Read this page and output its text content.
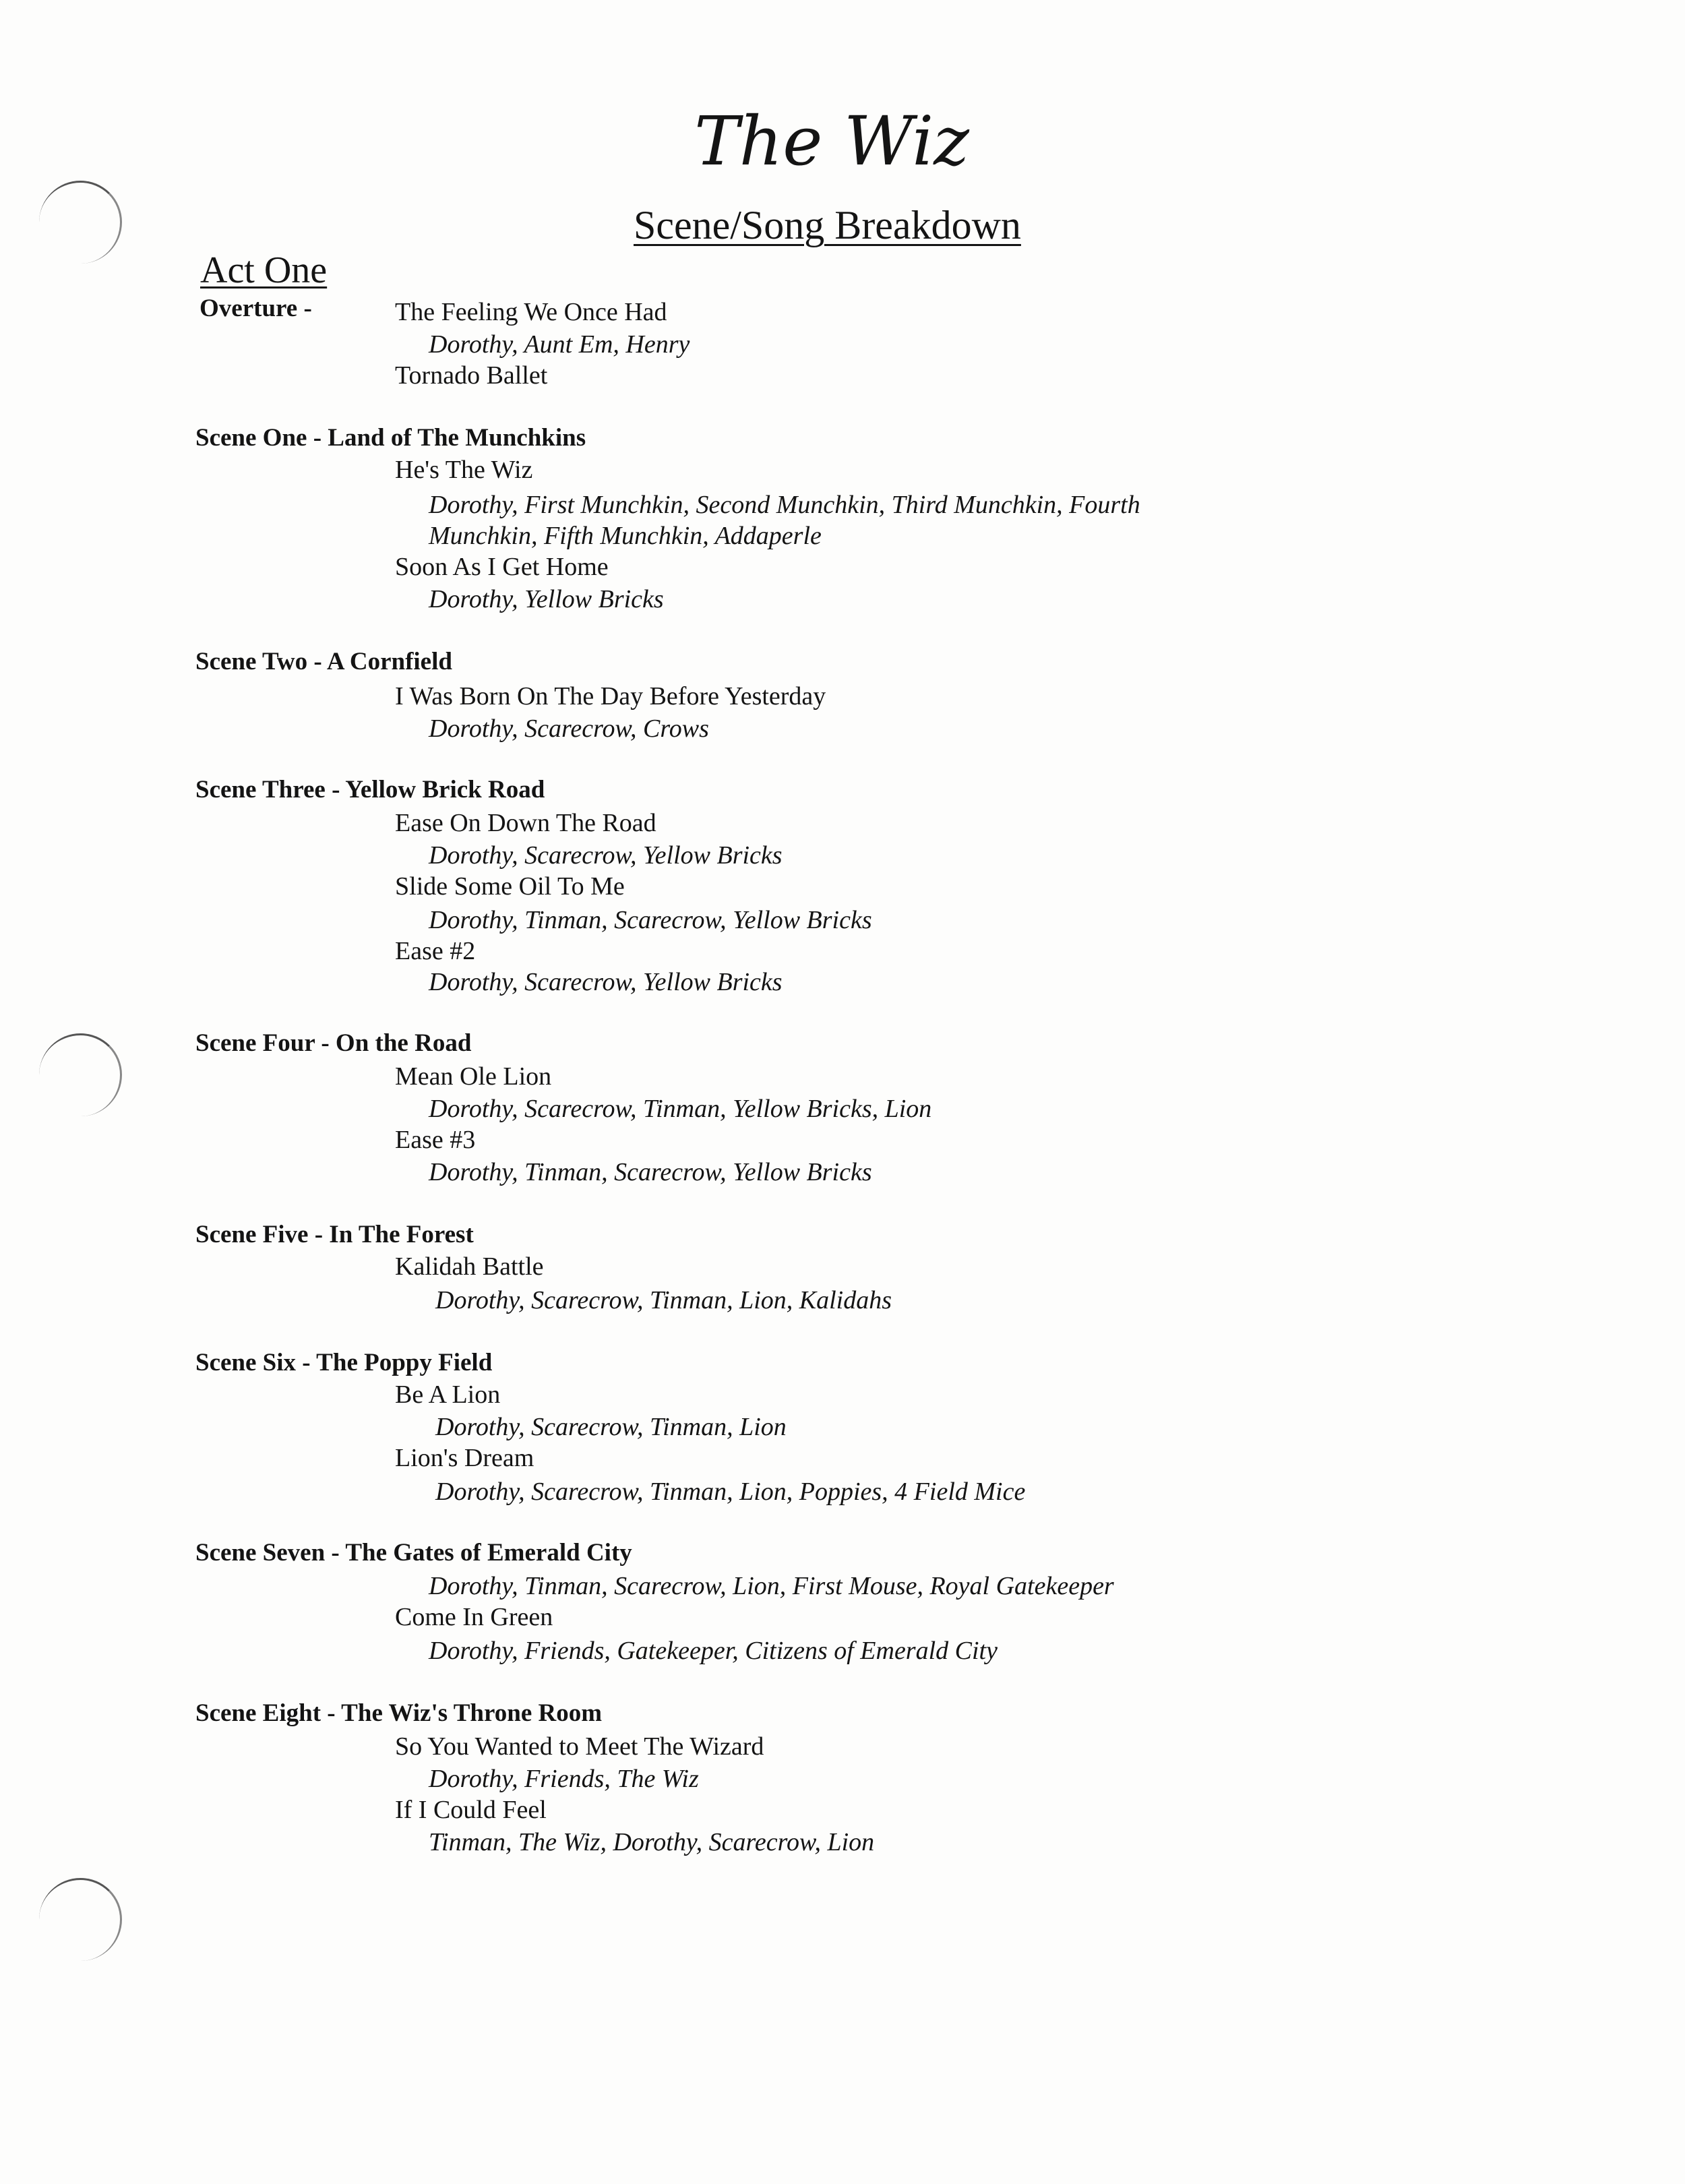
The Wiz
Scene/Song Breakdown
Act One
Overture -	The Feeling We Once Had
Dorothy, Aunt Em, Henry
Tornado Ballet
Scene One - Land of The Munchkins
He's The Wiz
Dorothy, First Munchkin, Second Munchkin, Third Munchkin, Fourth
Munchkin, Fifth Munchkin, Addaperle
Soon As I Get Home
Dorothy, Yellow Bricks
Scene Two - A Cornfield
I Was Born On The Day Before Yesterday
Dorothy, Scarecrow, Crows
Scene Three - Yellow Brick Road
Ease On Down The Road
Dorothy, Scarecrow, Yellow Bricks
Slide Some Oil To Me
Dorothy, Tinman, Scarecrow, Yellow Bricks
Ease #2
Dorothy, Scarecrow, Yellow Bricks
Scene Four - On the Road
Mean Ole Lion
Dorothy, Scarecrow, Tinman, Yellow Bricks, Lion
Ease #3
Dorothy, Tinman, Scarecrow, Yellow Bricks
Scene Five - In The Forest
Kalidah Battle
Dorothy, Scarecrow, Tinman, Lion, Kalidahs
Scene Six - The Poppy Field
Be A Lion
Dorothy, Scarecrow, Tinman, Lion
Lion's Dream
Dorothy, Scarecrow, Tinman, Lion, Poppies, 4 Field Mice
Scene Seven - The Gates of Emerald City
Dorothy, Tinman, Scarecrow, Lion, First Mouse, Royal Gatekeeper
Come In Green
Dorothy, Friends, Gatekeeper, Citizens of Emerald City
Scene Eight - The Wiz's Throne Room
So You Wanted to Meet The Wizard
Dorothy, Friends, The Wiz
If I Could Feel
Tinman, The Wiz, Dorothy, Scarecrow, Lion
